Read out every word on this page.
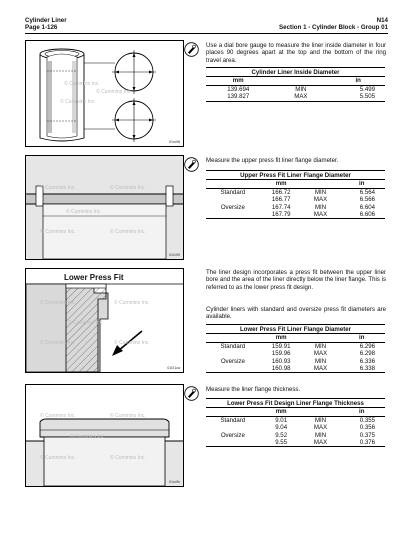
Cylinder Liner
Page 1-126
N14
Section 1 - Cylinder Block - Group 01
© Cummins Inc.
© Cummins Inc.
© Cummins Inc.
01m98

Use a dial bore gauge to measure the liner inside diameter in four places 90 degrees apart at the top and the bottom of the ring travel area.

Cylinder Liner Inside Diameter		
mm		in
139.694	MIN	5.499
139.827	MAX	5.505
© Cummins Inc.	© Cummins Inc.
© Cummins Inc.
© Cummins Inc.	© Cummins Inc.
01t199

Measure the upper press fit liner flange diameter.

Upper Press Fit Liner Flange Diameter			
	mm		in
Standard	166.72	MIN	6.564
	166.77	MAX	6.566
Oversize	167.74	MIN	6.604
	167.79	MAX	6.606
Lower Press Fit
© Cummins Inc.	© Cummins Inc.
© Cummins Inc.
© Cummins Inc.	© Cummins Inc.
01t21ca

The liner design incorporates a press fit between the upper liner bore and the area of the liner directly below the liner flange. This is referred to as the lower press fit design.

Cylinder liners with standard and oversize press fit diameters are available.

Lower Press Fit Liner Flange Diameter			
	mm		in
Standard	159.91	MIN	6.296
	159.96	MAX	6.298
Oversize	160.93	MIN	6.336
	160.98	MAX	6.338
© Cummins Inc.	© Cummins Inc.
© Cummins Inc.
© Cummins Inc.	© Cummins Inc.
01m9h

Measure the liner flange thickness.

Lower Press Fit Design Liner Flange Thickness			
	mm		in
Standard	9.01	MIN	0.355
	9.04	MAX	0.356
Oversize	9.52	MIN	0.375
	9.55	MAX	0.376
